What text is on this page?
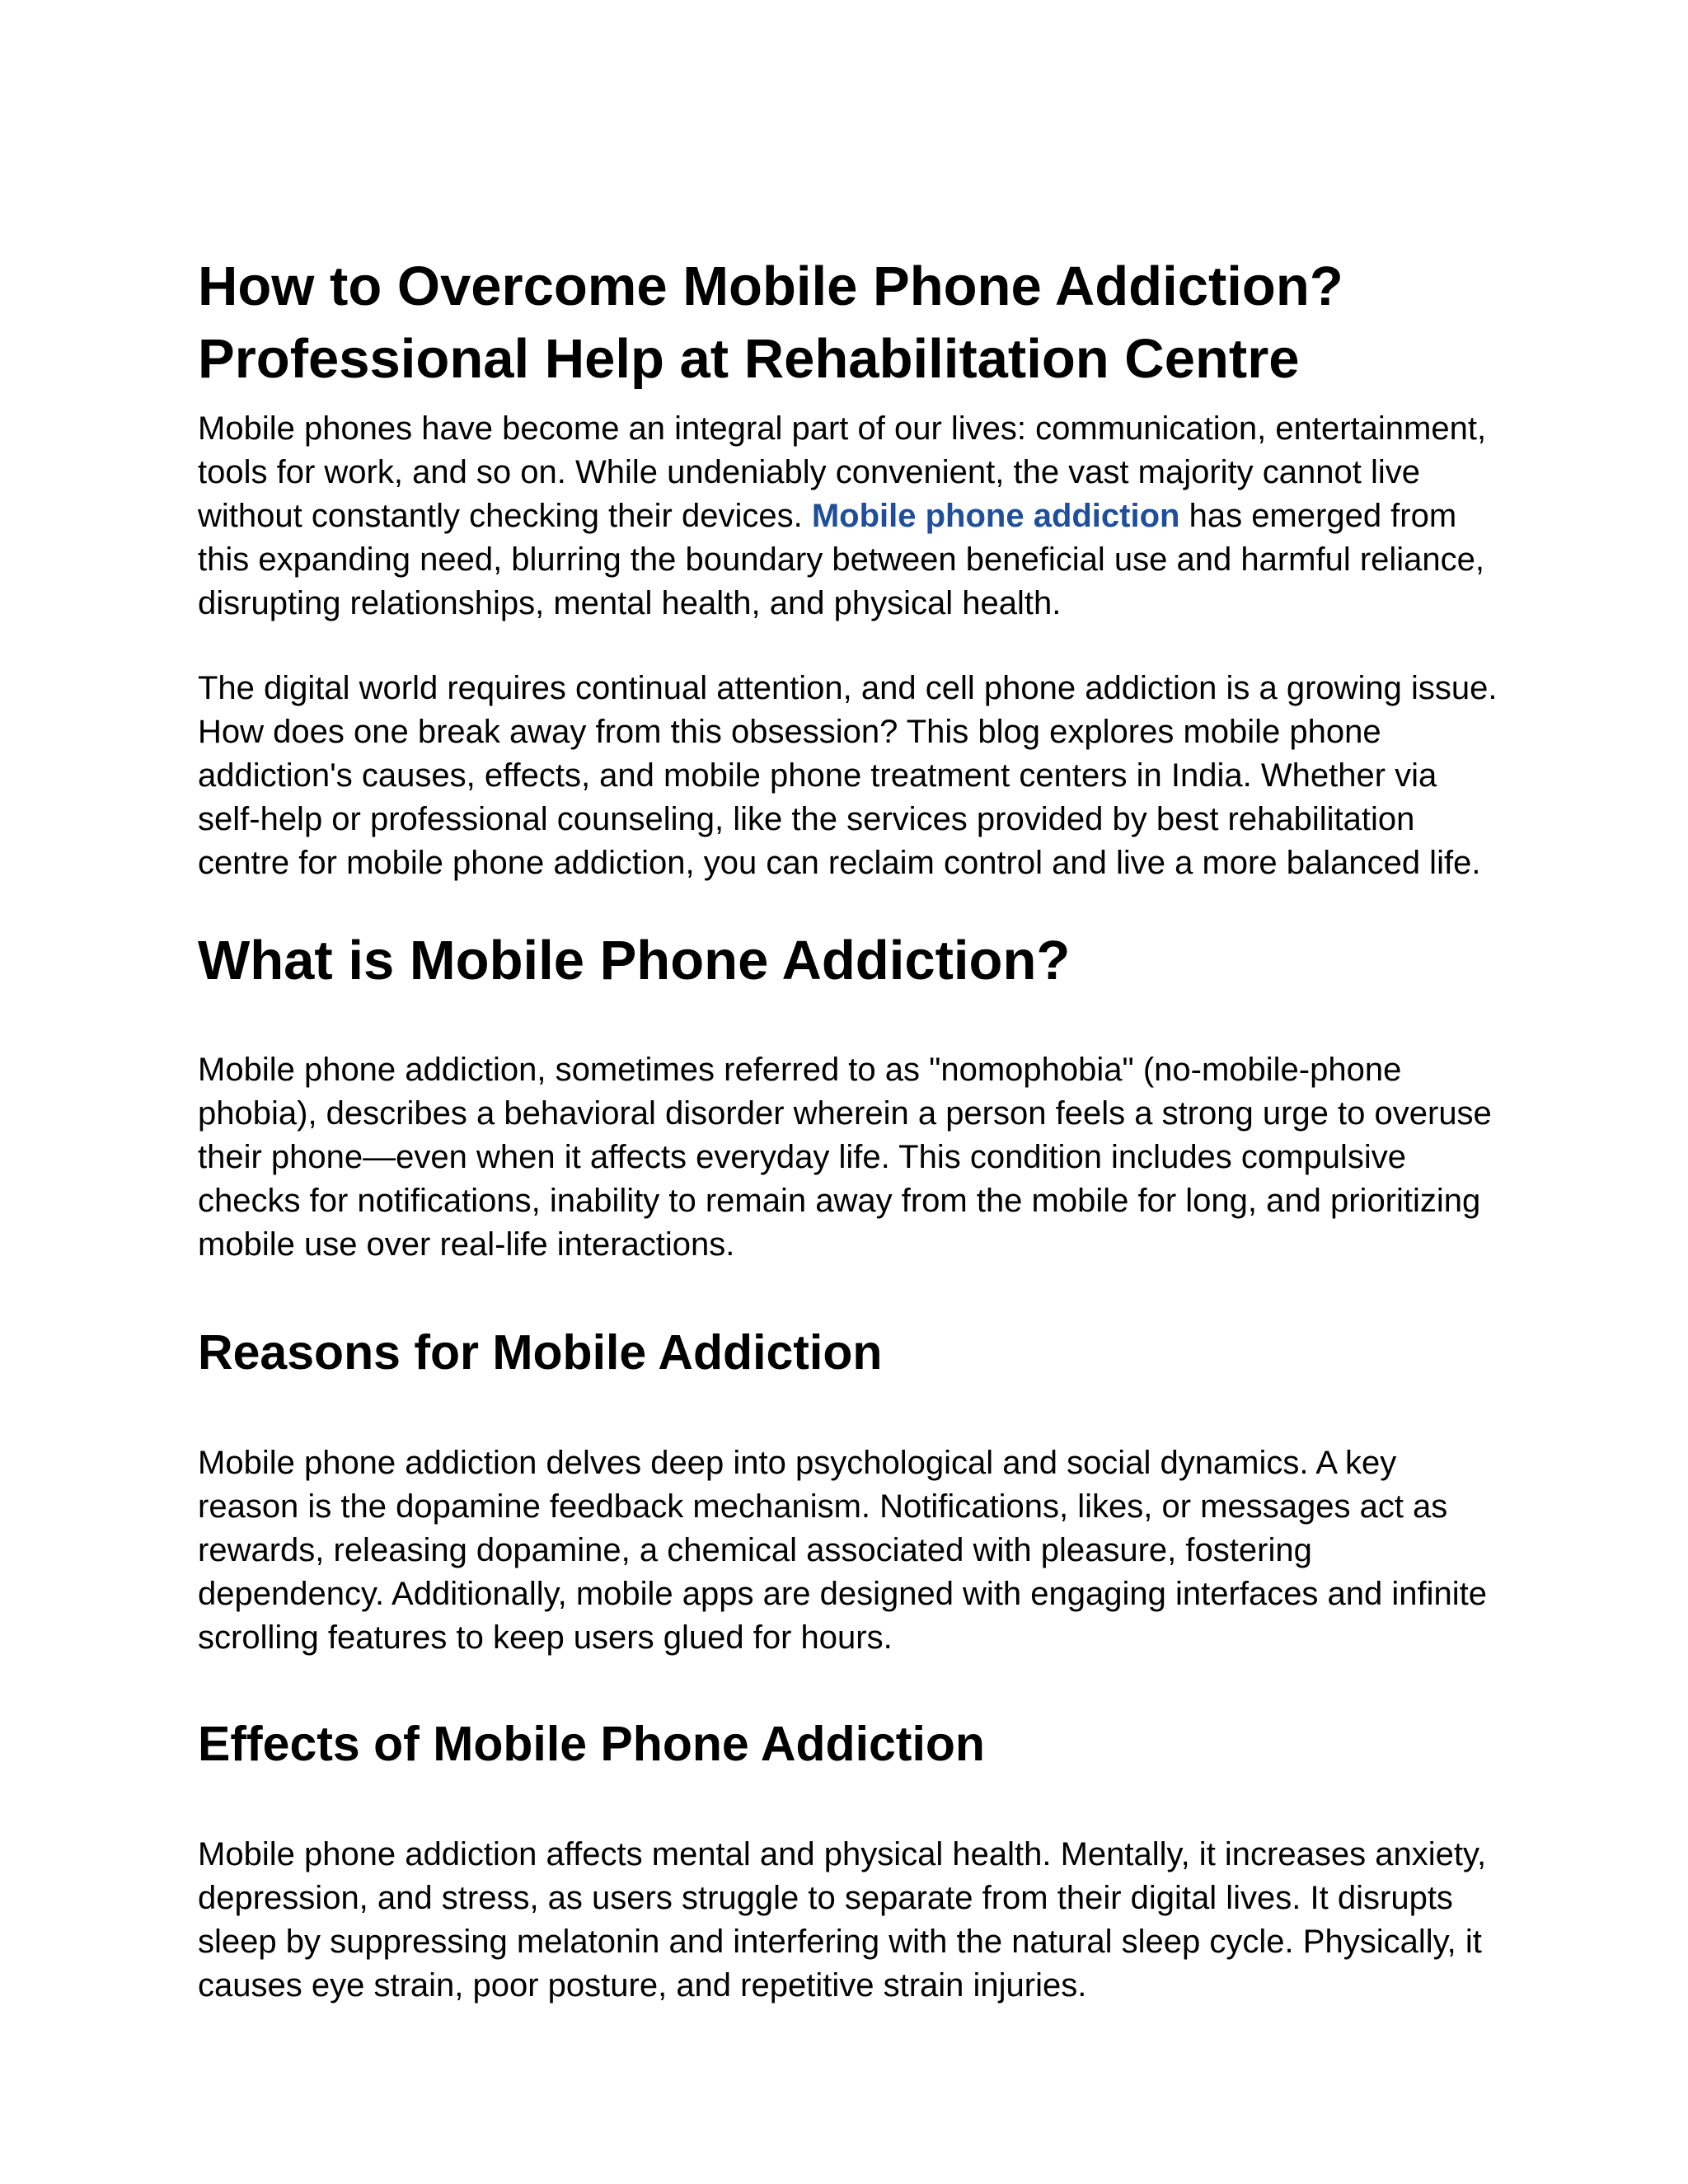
How to Overcome Mobile Phone Addiction?
Professional Help at Rehabilitation Centre

Mobile phones have become an integral part of our lives: communication, entertainment, tools for work, and so on. While undeniably convenient, the vast majority cannot live without constantly checking their devices. Mobile phone addiction has emerged from this expanding need, blurring the boundary between beneficial use and harmful reliance, disrupting relationships, mental health, and physical health.

The digital world requires continual attention, and cell phone addiction is a growing issue. How does one break away from this obsession? This blog explores mobile phone addiction's causes, effects, and mobile phone treatment centers in India. Whether via self-help or professional counseling, like the services provided by best rehabilitation centre for mobile phone addiction, you can reclaim control and live a more balanced life.

What is Mobile Phone Addiction?

Mobile phone addiction, sometimes referred to as "nomophobia" (no-mobile-phone phobia), describes a behavioral disorder wherein a person feels a strong urge to overuse their phone—even when it affects everyday life. This condition includes compulsive checks for notifications, inability to remain away from the mobile for long, and prioritizing mobile use over real-life interactions.

Reasons for Mobile Addiction

Mobile phone addiction delves deep into psychological and social dynamics. A key reason is the dopamine feedback mechanism. Notifications, likes, or messages act as rewards, releasing dopamine, a chemical associated with pleasure, fostering dependency. Additionally, mobile apps are designed with engaging interfaces and infinite scrolling features to keep users glued for hours.

Effects of Mobile Phone Addiction

Mobile phone addiction affects mental and physical health. Mentally, it increases anxiety, depression, and stress, as users struggle to separate from their digital lives. It disrupts sleep by suppressing melatonin and interfering with the natural sleep cycle. Physically, it causes eye strain, poor posture, and repetitive strain injuries.
